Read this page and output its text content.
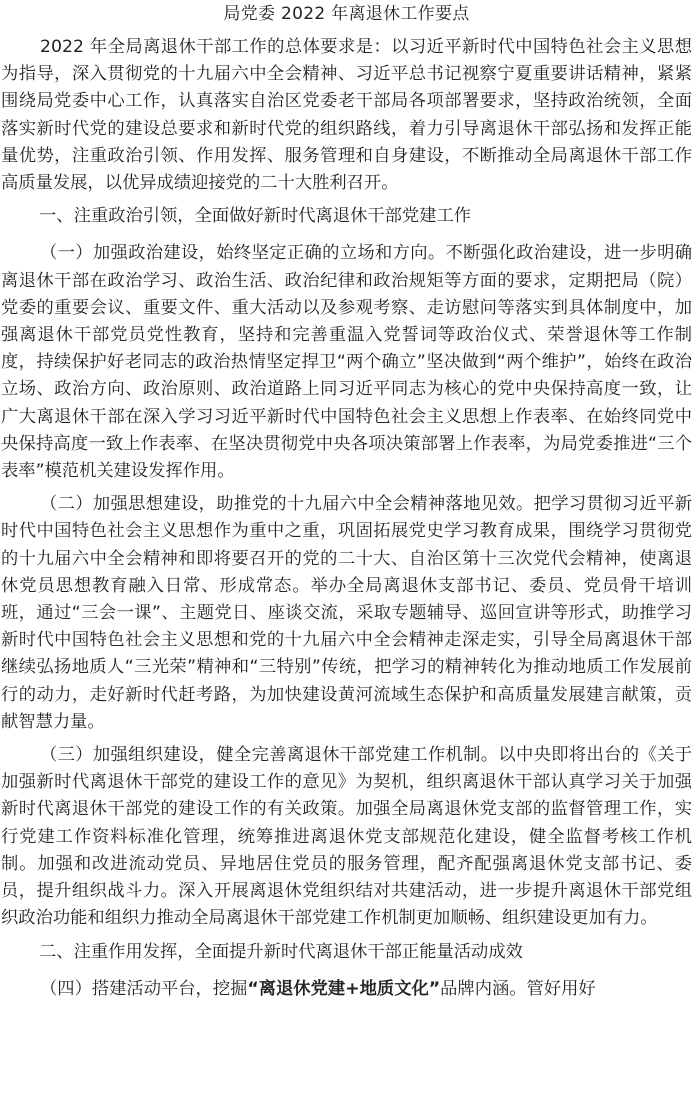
局党委 2022 年离退休工作要点

2022 年全局离退休干部工作的总体要求是：以习近平新时代中国特色社会主义思想为指导，深入贯彻党的十九届六中全会精神、习近平总书记视察宁夏重要讲话精神，紧紧围绕局党委中心工作，认真落实自治区党委老干部局各项部署要求，坚持政治统领，全面落实新时代党的建设总要求和新时代党的组织路线，着力引导离退休干部弘扬和发挥正能量优势，注重政治引领、作用发挥、服务管理和自身建设，不断推动全局离退休干部工作高质量发展，以优异成绩迎接党的二十大胜利召开。

一、注重政治引领，全面做好新时代离退休干部党建工作

（一）加强政治建设，始终坚定正确的立场和方向。不断强化政治建设，进一步明确离退休干部在政治学习、政治生活、政治纪律和政治规矩等方面的要求，定期把局（院）党委的重要会议、重要文件、重大活动以及参观考察、走访慰问等落实到具体制度中，加强离退休干部党员党性教育，坚持和完善重温入党誓词等政治仪式、荣誉退休等工作制度，持续保护好老同志的政治热情坚定捍卫“两个确立”坚决做到“两个维护”，始终在政治立场、政治方向、政治原则、政治道路上同习近平同志为核心的党中央保持高度一致，让广大离退休干部在深入学习习近平新时代中国特色社会主义思想上作表率、在始终同党中央保持高度一致上作表率、在坚决贯彻党中央各项决策部署上作表率，为局党委推进“三个表率”模范机关建设发挥作用。

（二）加强思想建设，助推党的十九届六中全会精神落地见效。把学习贯彻习近平新时代中国特色社会主义思想作为重中之重，巩固拓展党史学习教育成果，围绕学习贯彻党的十九届六中全会精神和即将要召开的党的二十大、自治区第十三次党代会精神，使离退休党员思想教育融入日常、形成常态。举办全局离退休支部书记、委员、党员骨干培训班，通过“三会一课”、主题党日、座谈交流，采取专题辅导、巡回宣讲等形式，助推学习新时代中国特色社会主义思想和党的十九届六中全会精神走深走实，引导全局离退休干部继续弘扬地质人“三光荣”精神和“三特别”传统，把学习的精神转化为推动地质工作发展前行的动力，走好新时代赶考路，为加快建设黄河流域生态保护和高质量发展建言献策，贡献智慧力量。

（三）加强组织建设，健全完善离退休干部党建工作机制。以中央即将出台的《关于加强新时代离退休干部党的建设工作的意见》为契机，组织离退休干部认真学习关于加强新时代离退休干部党的建设工作的有关政策。加强全局离退休党支部的监督管理工作，实行党建工作资料标准化管理，统筹推进离退休党支部规范化建设，健全监督考核工作机制。加强和改进流动党员、异地居住党员的服务管理，配齐配强离退休党支部书记、委员，提升组织战斗力。深入开展离退休党组织结对共建活动，进一步提升离退休干部党组织政治功能和组织力推动全局离退休干部党建工作机制更加顺畅、组织建设更加有力。

二、注重作用发挥，全面提升新时代离退休干部正能量活动成效

（四）搭建活动平台，挖掘“离退休党建+地质文化”品牌内涵。管好用好
